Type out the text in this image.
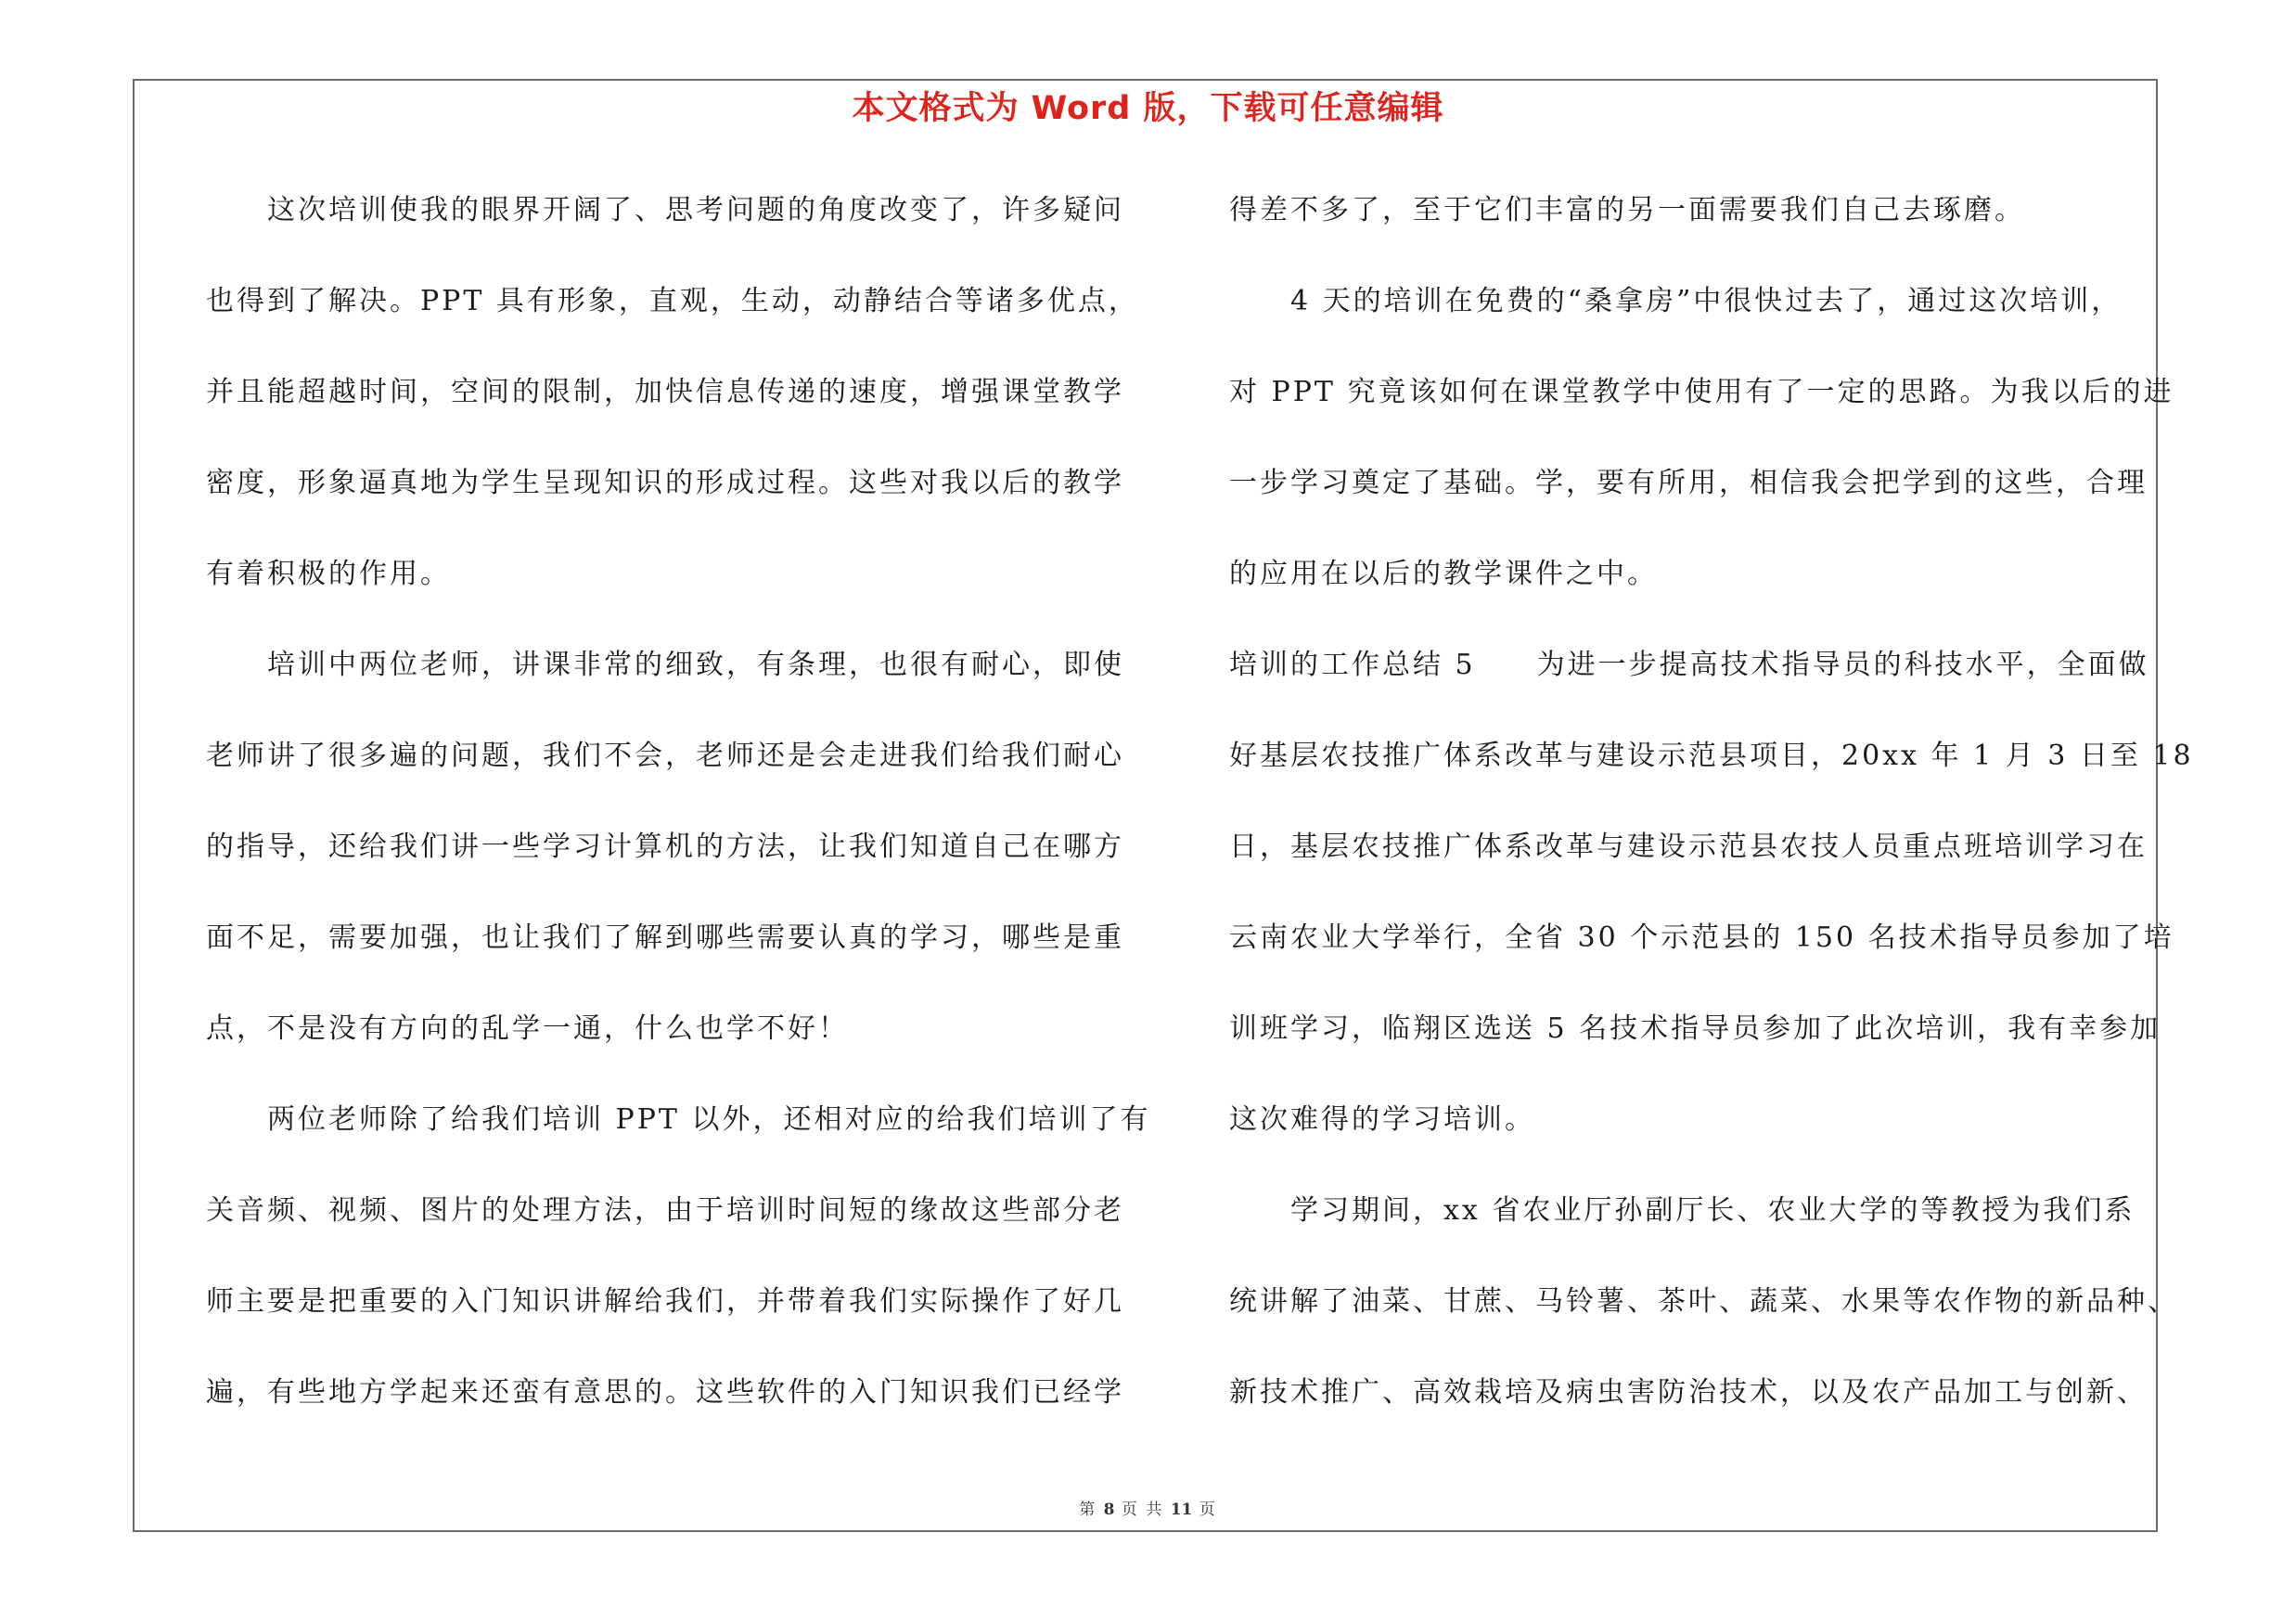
本文格式为 Word 版，下载可任意编辑
这次培训使我的眼界开阔了、思考问题的角度改变了，许多疑问
也得到了解决。PPT 具有形象，直观，生动，动静结合等诸多优点，
并且能超越时间，空间的限制，加快信息传递的速度，增强课堂教学
密度，形象逼真地为学生呈现知识的形成过程。这些对我以后的教学
有着积极的作用。
培训中两位老师，讲课非常的细致，有条理，也很有耐心，即使
老师讲了很多遍的问题，我们不会，老师还是会走进我们给我们耐心
的指导，还给我们讲一些学习计算机的方法，让我们知道自己在哪方
面不足，需要加强，也让我们了解到哪些需要认真的学习，哪些是重
点，不是没有方向的乱学一通，什么也学不好！
两位老师除了给我们培训 PPT 以外，还相对应的给我们培训了有
关音频、视频、图片的处理方法，由于培训时间短的缘故这些部分老
师主要是把重要的入门知识讲解给我们，并带着我们实际操作了好几
遍，有些地方学起来还蛮有意思的。这些软件的入门知识我们已经学
得差不多了，至于它们丰富的另一面需要我们自己去琢磨。
4 天的培训在免费的“桑拿房”中很快过去了，通过这次培训，
对 PPT 究竟该如何在课堂教学中使用有了一定的思路。为我以后的进
一步学习奠定了基础。学，要有所用，相信我会把学到的这些，合理
的应用在以后的教学课件之中。
培训的工作总结 5　　为进一步提高技术指导员的科技水平，全面做
好基层农技推广体系改革与建设示范县项目，20xx 年 1 月 3 日至 18
日，基层农技推广体系改革与建设示范县农技人员重点班培训学习在
云南农业大学举行，全省 30 个示范县的 150 名技术指导员参加了培
训班学习，临翔区选送 5 名技术指导员参加了此次培训，我有幸参加
这次难得的学习培训。
学习期间，xx 省农业厅孙副厅长、农业大学的等教授为我们系
统讲解了油菜、甘蔗、马铃薯、茶叶、蔬菜、水果等农作物的新品种、
新技术推广、高效栽培及病虫害防治技术，以及农产品加工与创新、
第 8 页 共 11 页
